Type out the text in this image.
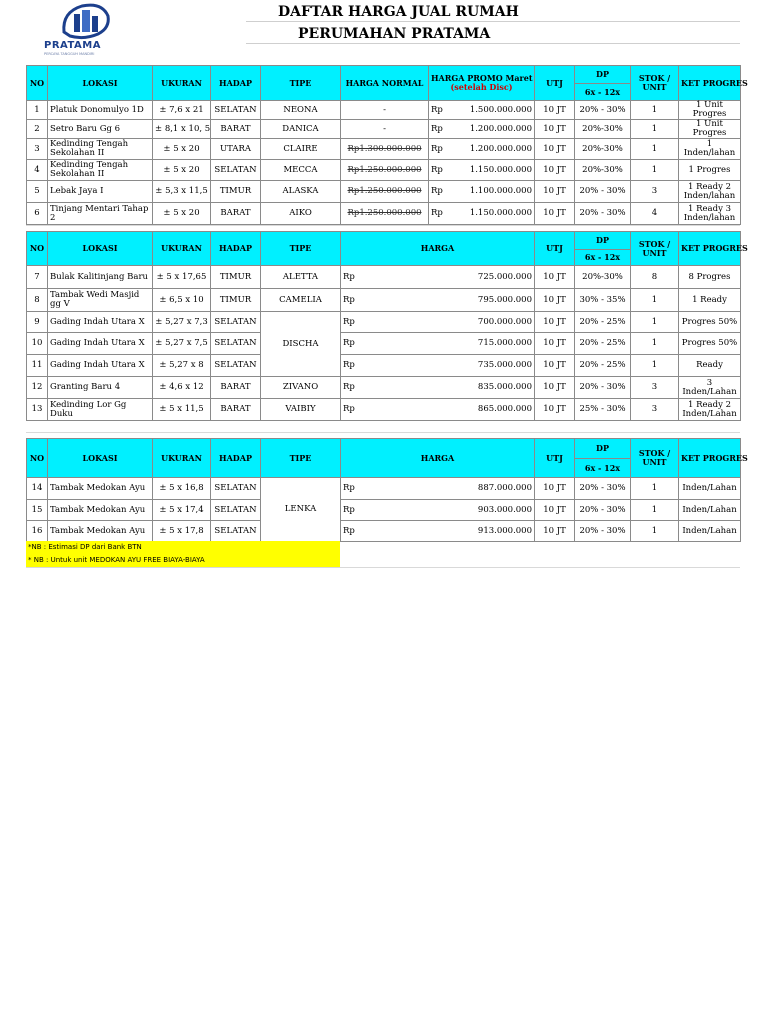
PRATAMA
PERCAYA TANGGUH MANDIRI
DAFTAR HARGA JUAL RUMAH
PERUMAHAN PRATAMA
NO	LOKASI	UKURAN	HADAP	TIPE	HARGA NORMAL	HARGA PROMO Maret
(setelah Disc)	UTJ	DP	STOK / UNIT	KET PROGRES
								6x - 12x		
1	Platuk Donomulyo 1D	± 7,6 x 21	SELATAN	NEONA	-	Rp 1.500.000.000	10 JT	20% - 30%	1	1 Unit Progres
2	Setro Baru Gg 6	± 8,1 x 10, 5	BARAT	DANICA	-	Rp 1.200.000.000	10 JT	20%-30%	1	1 Unit Progres
3	Kedinding Tengah Sekolahan II	± 5 x 20	UTARA	CLAIRE	Rp1.300.000.000	Rp 1.200.000.000	10 JT	20%-30%	1	1 Inden/lahan
4	Kedinding Tengah Sekolahan II	± 5 x 20	SELATAN	MECCA	Rp1.250.000.000	Rp 1.150.000.000	10 JT	20%-30%	1	1 Progres
5	Lebak Jaya I	± 5,3 x 11,5	TIMUR	ALASKA	Rp1.250.000.000	Rp 1.100.000.000	10 JT	20% - 30%	3	1 Ready 2 Inden/lahan
6	Tinjang Mentari Tahap 2	± 5 x 20	BARAT	AIKO	Rp1.250.000.000	Rp 1.150.000.000	10 JT	20% - 30%	4	1 Ready 3 Inden/lahan
NO	LOKASI	UKURAN	HADAP	TIPE	HARGA	UTJ	DP	STOK / UNIT	KET PROGRES
							6x - 12x		
7	Bulak Kalitinjang Baru	± 5 x 17,65	TIMUR	ALETTA	Rp 725.000.000	10 JT	20%-30%	8	8 Progres
8	Tambak Wedi Masjid gg V	± 6,5 x 10	TIMUR	CAMELIA	Rp 795.000.000	10 JT	30% - 35%	1	1 Ready
9	Gading Indah Utara X	± 5,27 x 7,3	SELATAN	DISCHA	Rp 700.000.000	10 JT	20% - 25%	1	Progres 50%
10	Gading Indah Utara X	± 5,27 x 7,5	SELATAN		Rp 715.000.000	10 JT	20% - 25%	1	Progres 50%
11	Gading Indah Utara X	± 5,27 x 8	SELATAN		Rp 735.000.000	10 JT	20% - 25%	1	Ready
12	Granting Baru 4	± 4,6 x 12	BARAT	ZIVANO	Rp 835.000.000	10 JT	20% - 30%	3	3 Inden/Lahan
13	Kedinding Lor Gg Duku	± 5 x 11,5	BARAT	VAIBIY	Rp 865.000.000	10 JT	25% - 30%	3	1 Ready 2 Inden/Lahan
NO	LOKASI	UKURAN	HADAP	TIPE	HARGA	UTJ	DP	STOK / UNIT	KET PROGRES
							6x - 12x		
14	Tambak Medokan Ayu	± 5 x 16,8	SELATAN	LENKA	Rp 887.000.000	10 JT	20% - 30%	1	Inden/Lahan
15	Tambak Medokan Ayu	± 5 x 17,4	SELATAN		Rp 903.000.000	10 JT	20% - 30%	1	Inden/Lahan
16	Tambak Medokan Ayu	± 5 x 17,8	SELATAN		Rp 913.000.000	10 JT	20% - 30%	1	Inden/Lahan
*NB : Estimasi DP dari Bank BTN
* NB : Untuk unit MEDOKAN AYU FREE BIAYA-BIAYA
